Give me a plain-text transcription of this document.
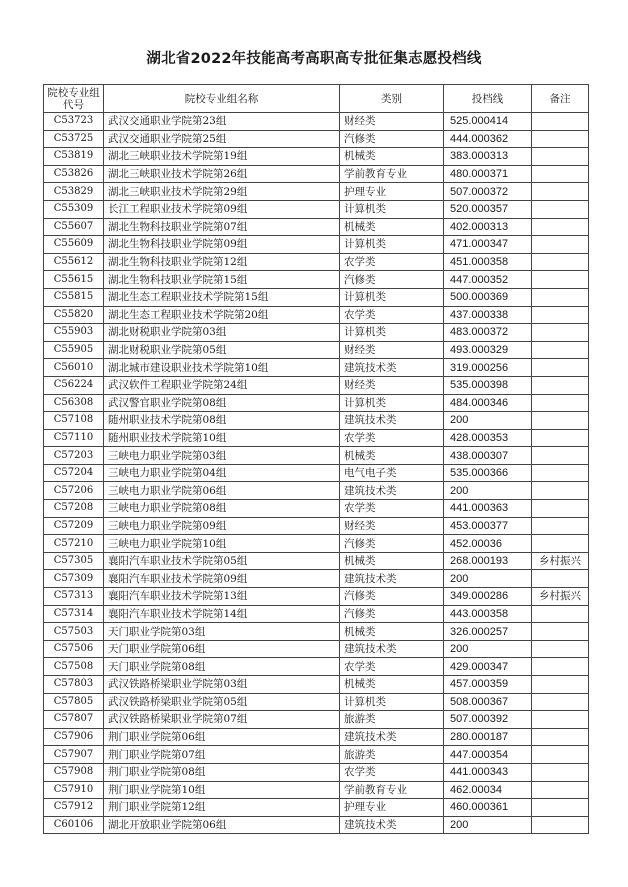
湖北省2022年技能高考高职高专批征集志愿投档线
院校专业组代号	院校专业组名称	类别	投档线	备注
C53723	武汉交通职业学院第23组	财经类	525.000414	
C53725	武汉交通职业学院第25组	汽修类	444.000362	
C53819	湖北三峡职业技术学院第19组	机械类	383.000313	
C53826	湖北三峡职业技术学院第26组	学前教育专业	480.000371	
C53829	湖北三峡职业技术学院第29组	护理专业	507.000372	
C55309	长江工程职业技术学院第09组	计算机类	520.000357	
C55607	湖北生物科技职业学院第07组	机械类	402.000313	
C55609	湖北生物科技职业学院第09组	计算机类	471.000347	
C55612	湖北生物科技职业学院第12组	农学类	451.000358	
C55615	湖北生物科技职业学院第15组	汽修类	447.000352	
C55815	湖北生态工程职业技术学院第15组	计算机类	500.000369	
C55820	湖北生态工程职业技术学院第20组	农学类	437.000338	
C55903	湖北财税职业学院第03组	计算机类	483.000372	
C55905	湖北财税职业学院第05组	财经类	493.000329	
C56010	湖北城市建设职业技术学院第10组	建筑技术类	319.000256	
C56224	武汉软件工程职业学院第24组	财经类	535.000398	
C56308	武汉警官职业学院第08组	计算机类	484.000346	
C57108	随州职业技术学院第08组	建筑技术类	200	
C57110	随州职业技术学院第10组	农学类	428.000353	
C57203	三峡电力职业学院第03组	机械类	438.000307	
C57204	三峡电力职业学院第04组	电气电子类	535.000366	
C57206	三峡电力职业学院第06组	建筑技术类	200	
C57208	三峡电力职业学院第08组	农学类	441.000363	
C57209	三峡电力职业学院第09组	财经类	453.000377	
C57210	三峡电力职业学院第10组	汽修类	452.00036	
C57305	襄阳汽车职业技术学院第05组	机械类	268.000193	乡村振兴
C57309	襄阳汽车职业技术学院第09组	建筑技术类	200	
C57313	襄阳汽车职业技术学院第13组	汽修类	349.000286	乡村振兴
C57314	襄阳汽车职业技术学院第14组	汽修类	443.000358	
C57503	天门职业学院第03组	机械类	326.000257	
C57506	天门职业学院第06组	建筑技术类	200	
C57508	天门职业学院第08组	农学类	429.000347	
C57803	武汉铁路桥梁职业学院第03组	机械类	457.000359	
C57805	武汉铁路桥梁职业学院第05组	计算机类	508.000367	
C57807	武汉铁路桥梁职业学院第07组	旅游类	507.000392	
C57906	荆门职业学院第06组	建筑技术类	280.000187	
C57907	荆门职业学院第07组	旅游类	447.000354	
C57908	荆门职业学院第08组	农学类	441.000343	
C57910	荆门职业学院第10组	学前教育专业	462.00034	
C57912	荆门职业学院第12组	护理专业	460.000361	
C60106	湖北开放职业学院第06组	建筑技术类	200	
